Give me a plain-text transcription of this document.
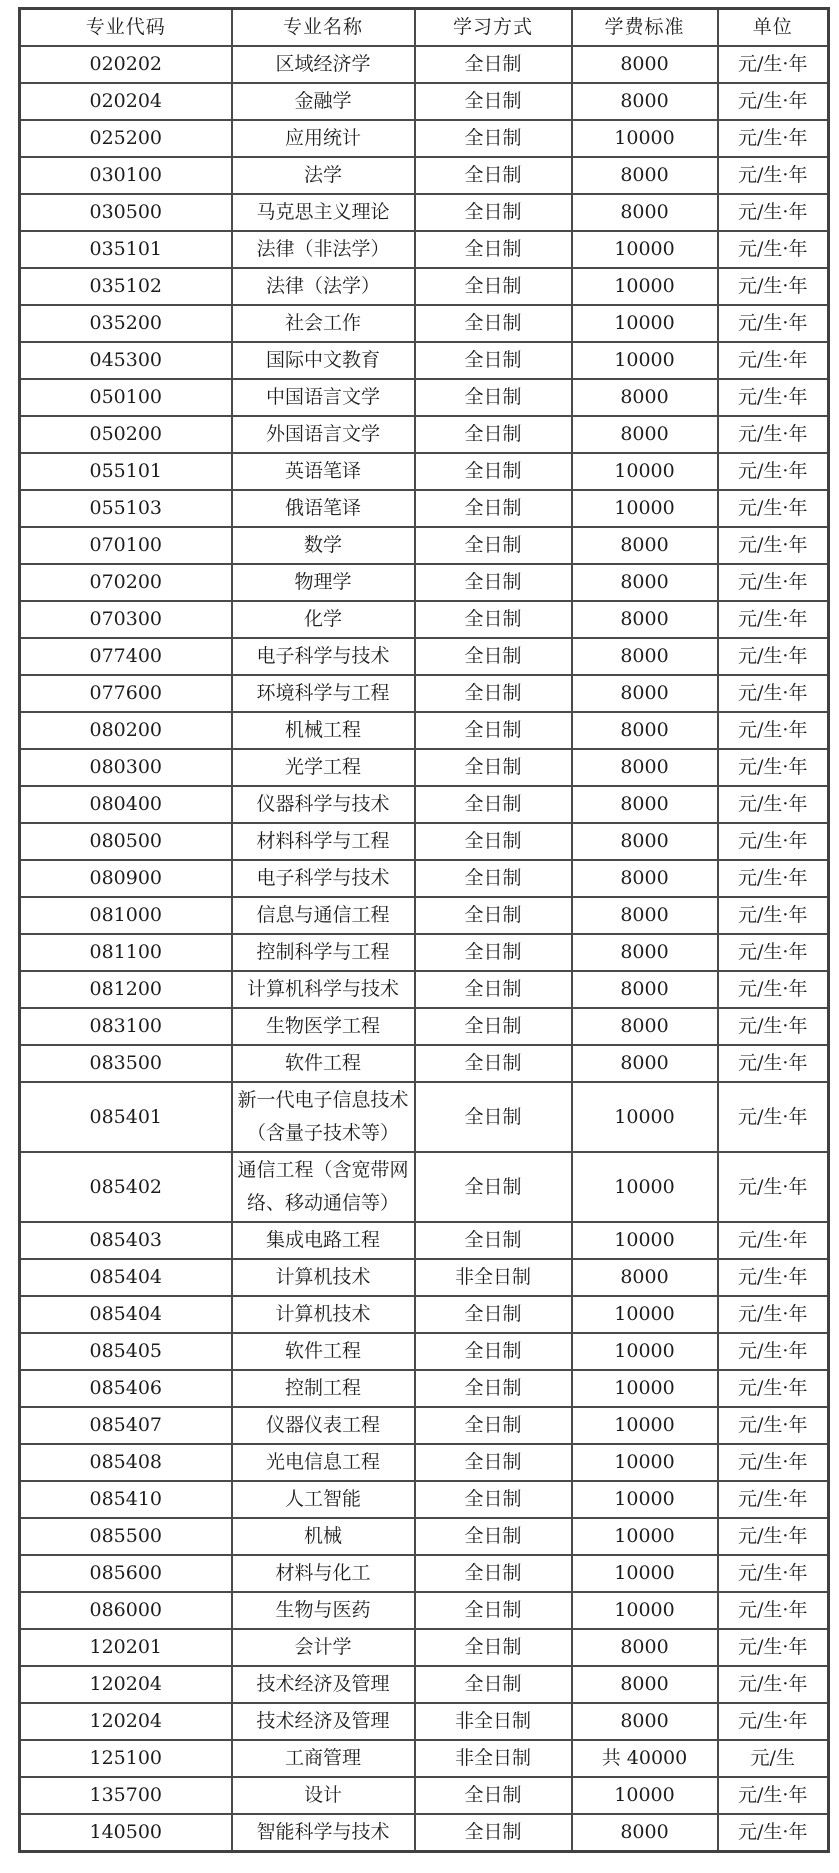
专业代码	专业名称	学习方式	学费标准	单位
020202	区域经济学	全日制	8000	元/生·年
020204	金融学	全日制	8000	元/生·年
025200	应用统计	全日制	10000	元/生·年
030100	法学	全日制	8000	元/生·年
030500	马克思主义理论	全日制	8000	元/生·年
035101	法律（非法学）	全日制	10000	元/生·年
035102	法律（法学）	全日制	10000	元/生·年
035200	社会工作	全日制	10000	元/生·年
045300	国际中文教育	全日制	10000	元/生·年
050100	中国语言文学	全日制	8000	元/生·年
050200	外国语言文学	全日制	8000	元/生·年
055101	英语笔译	全日制	10000	元/生·年
055103	俄语笔译	全日制	10000	元/生·年
070100	数学	全日制	8000	元/生·年
070200	物理学	全日制	8000	元/生·年
070300	化学	全日制	8000	元/生·年
077400	电子科学与技术	全日制	8000	元/生·年
077600	环境科学与工程	全日制	8000	元/生·年
080200	机械工程	全日制	8000	元/生·年
080300	光学工程	全日制	8000	元/生·年
080400	仪器科学与技术	全日制	8000	元/生·年
080500	材料科学与工程	全日制	8000	元/生·年
080900	电子科学与技术	全日制	8000	元/生·年
081000	信息与通信工程	全日制	8000	元/生·年
081100	控制科学与工程	全日制	8000	元/生·年
081200	计算机科学与技术	全日制	8000	元/生·年
083100	生物医学工程	全日制	8000	元/生·年
083500	软件工程	全日制	8000	元/生·年
085401	新一代电子信息技术（含量子技术等）	全日制	10000	元/生·年
085402	通信工程（含宽带网络、移动通信等）	全日制	10000	元/生·年
085403	集成电路工程	全日制	10000	元/生·年
085404	计算机技术	非全日制	8000	元/生·年
085404	计算机技术	全日制	10000	元/生·年
085405	软件工程	全日制	10000	元/生·年
085406	控制工程	全日制	10000	元/生·年
085407	仪器仪表工程	全日制	10000	元/生·年
085408	光电信息工程	全日制	10000	元/生·年
085410	人工智能	全日制	10000	元/生·年
085500	机械	全日制	10000	元/生·年
085600	材料与化工	全日制	10000	元/生·年
086000	生物与医药	全日制	10000	元/生·年
120201	会计学	全日制	8000	元/生·年
120204	技术经济及管理	全日制	8000	元/生·年
120204	技术经济及管理	非全日制	8000	元/生·年
125100	工商管理	非全日制	共 40000	元/生
135700	设计	全日制	10000	元/生·年
140500	智能科学与技术	全日制	8000	元/生·年
